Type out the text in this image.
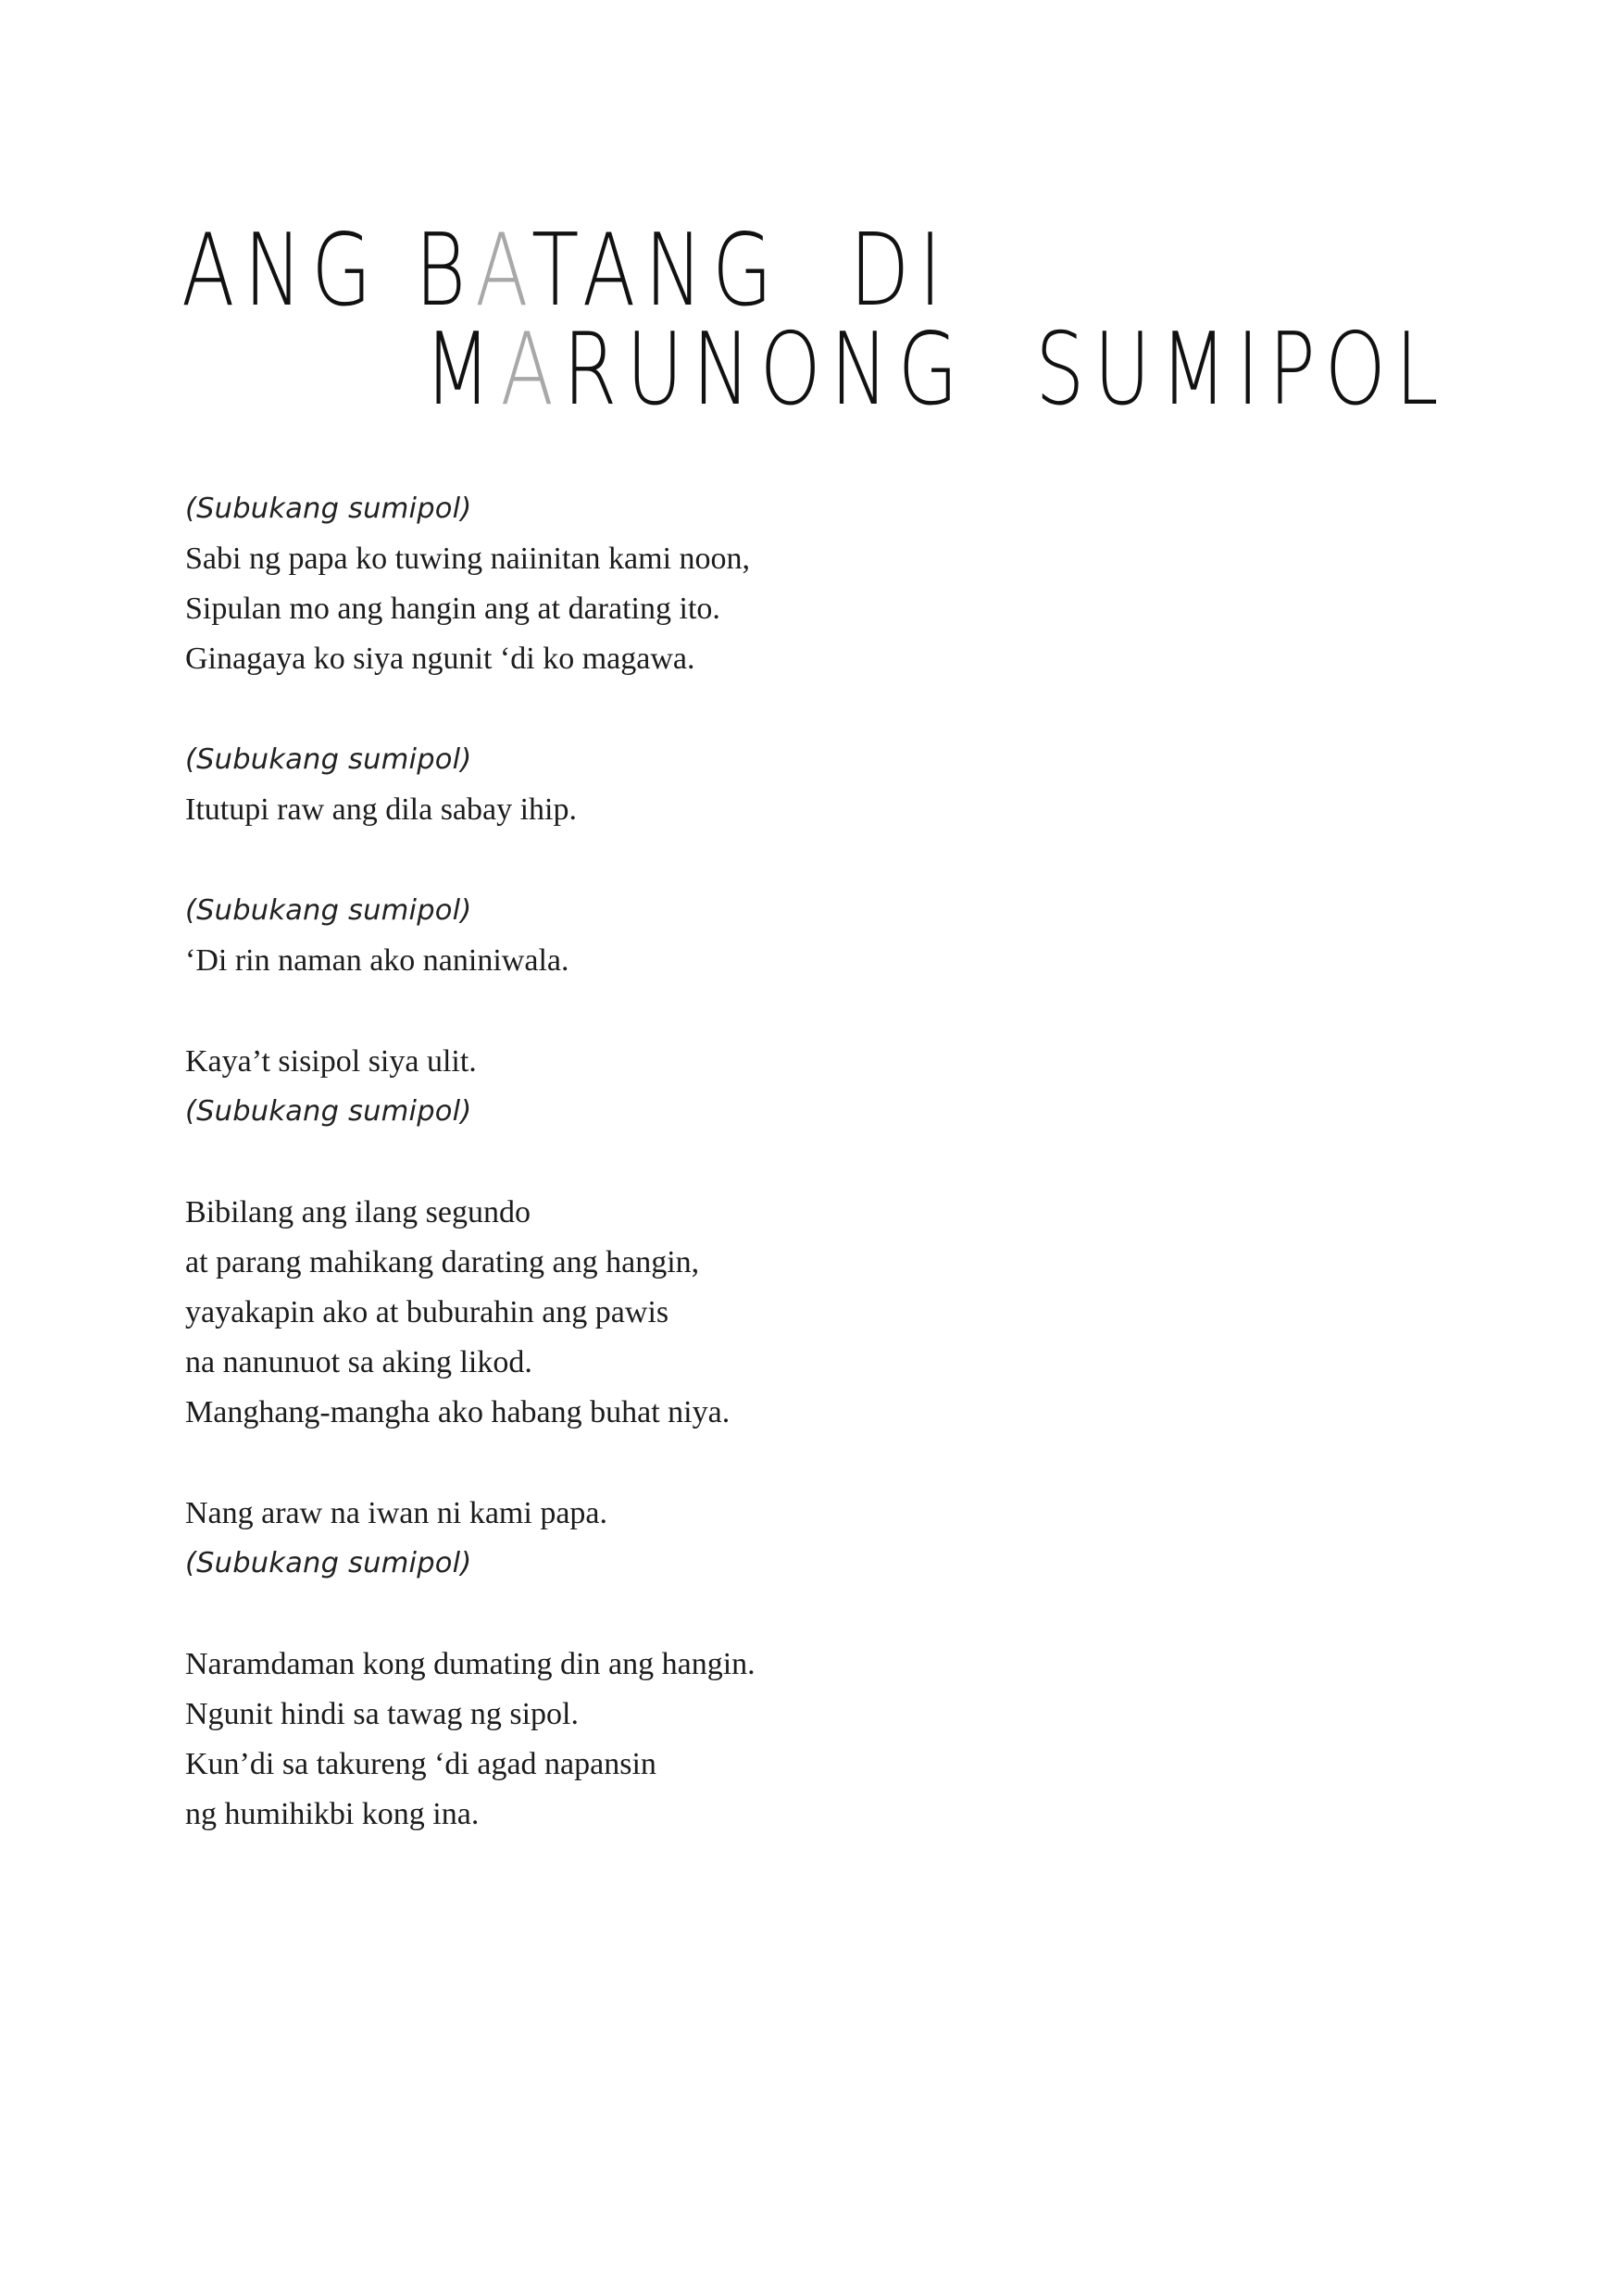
ANG BATANG  DI
MARUNONG  SUMIPOL
(Subukang sumipol)
Sabi ng papa ko tuwing naiinitan kami noon,
Sipulan mo ang hangin ang at darating ito.
Ginagaya ko siya ngunit ‘di ko magawa.
(Subukang sumipol)
Itutupi raw ang dila sabay ihip.
(Subukang sumipol)
‘Di rin naman ako naniniwala.
Kaya’t sisipol siya ulit.
(Subukang sumipol)
Bibilang ang ilang segundo
at parang mahikang darating ang hangin,
yayakapin ako at buburahin ang pawis
na nanunuot sa aking likod.
Manghang-mangha ako habang buhat niya.
Nang araw na iwan ni kami papa.
(Subukang sumipol)
Naramdaman kong dumating din ang hangin.
Ngunit hindi sa tawag ng sipol.
Kun’di sa takureng ‘di agad napansin
ng humihikbi kong ina.
